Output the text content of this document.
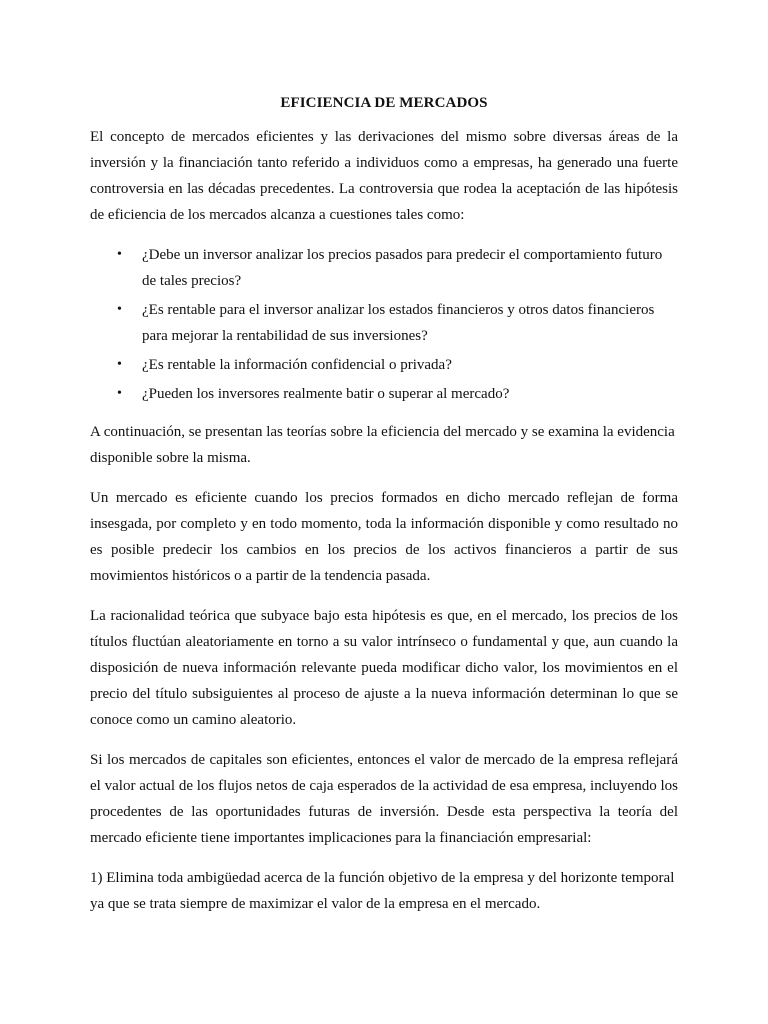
EFICIENCIA DE MERCADOS

El concepto de mercados eficientes y las derivaciones del mismo sobre diversas áreas de la inversión y la financiación tanto referido a individuos como a empresas, ha generado una fuerte controversia en las décadas precedentes. La controversia que rodea la aceptación de las hipótesis de eficiencia de los mercados alcanza a cuestiones tales como:

• ¿Debe un inversor analizar los precios pasados para predecir el comportamiento futuro de tales precios?
• ¿Es rentable para el inversor analizar los estados financieros y otros datos financieros para mejorar la rentabilidad de sus inversiones?
• ¿Es rentable la información confidencial o privada?
• ¿Pueden los inversores realmente batir o superar al mercado?

A continuación, se presentan las teorías sobre la eficiencia del mercado y se examina la evidencia disponible sobre la misma.

Un mercado es eficiente cuando los precios formados en dicho mercado reflejan de forma insesgada, por completo y en todo momento, toda la información disponible y como resultado no es posible predecir los cambios en los precios de los activos financieros a partir de sus movimientos históricos o a partir de la tendencia pasada.

La racionalidad teórica que subyace bajo esta hipótesis es que, en el mercado, los precios de los títulos fluctúan aleatoriamente en torno a su valor intrínseco o fundamental y que, aun cuando la disposición de nueva información relevante pueda modificar dicho valor, los movimientos en el precio del título subsiguientes al proceso de ajuste a la nueva información determinan lo que se conoce como un camino aleatorio.

Si los mercados de capitales son eficientes, entonces el valor de mercado de la empresa reflejará el valor actual de los flujos netos de caja esperados de la actividad de esa empresa, incluyendo los procedentes de las oportunidades futuras de inversión. Desde esta perspectiva la teoría del mercado eficiente tiene importantes implicaciones para la financiación empresarial:

1) Elimina toda ambigüedad acerca de la función objetivo de la empresa y del horizonte temporal ya que se trata siempre de maximizar el valor de la empresa en el mercado.
